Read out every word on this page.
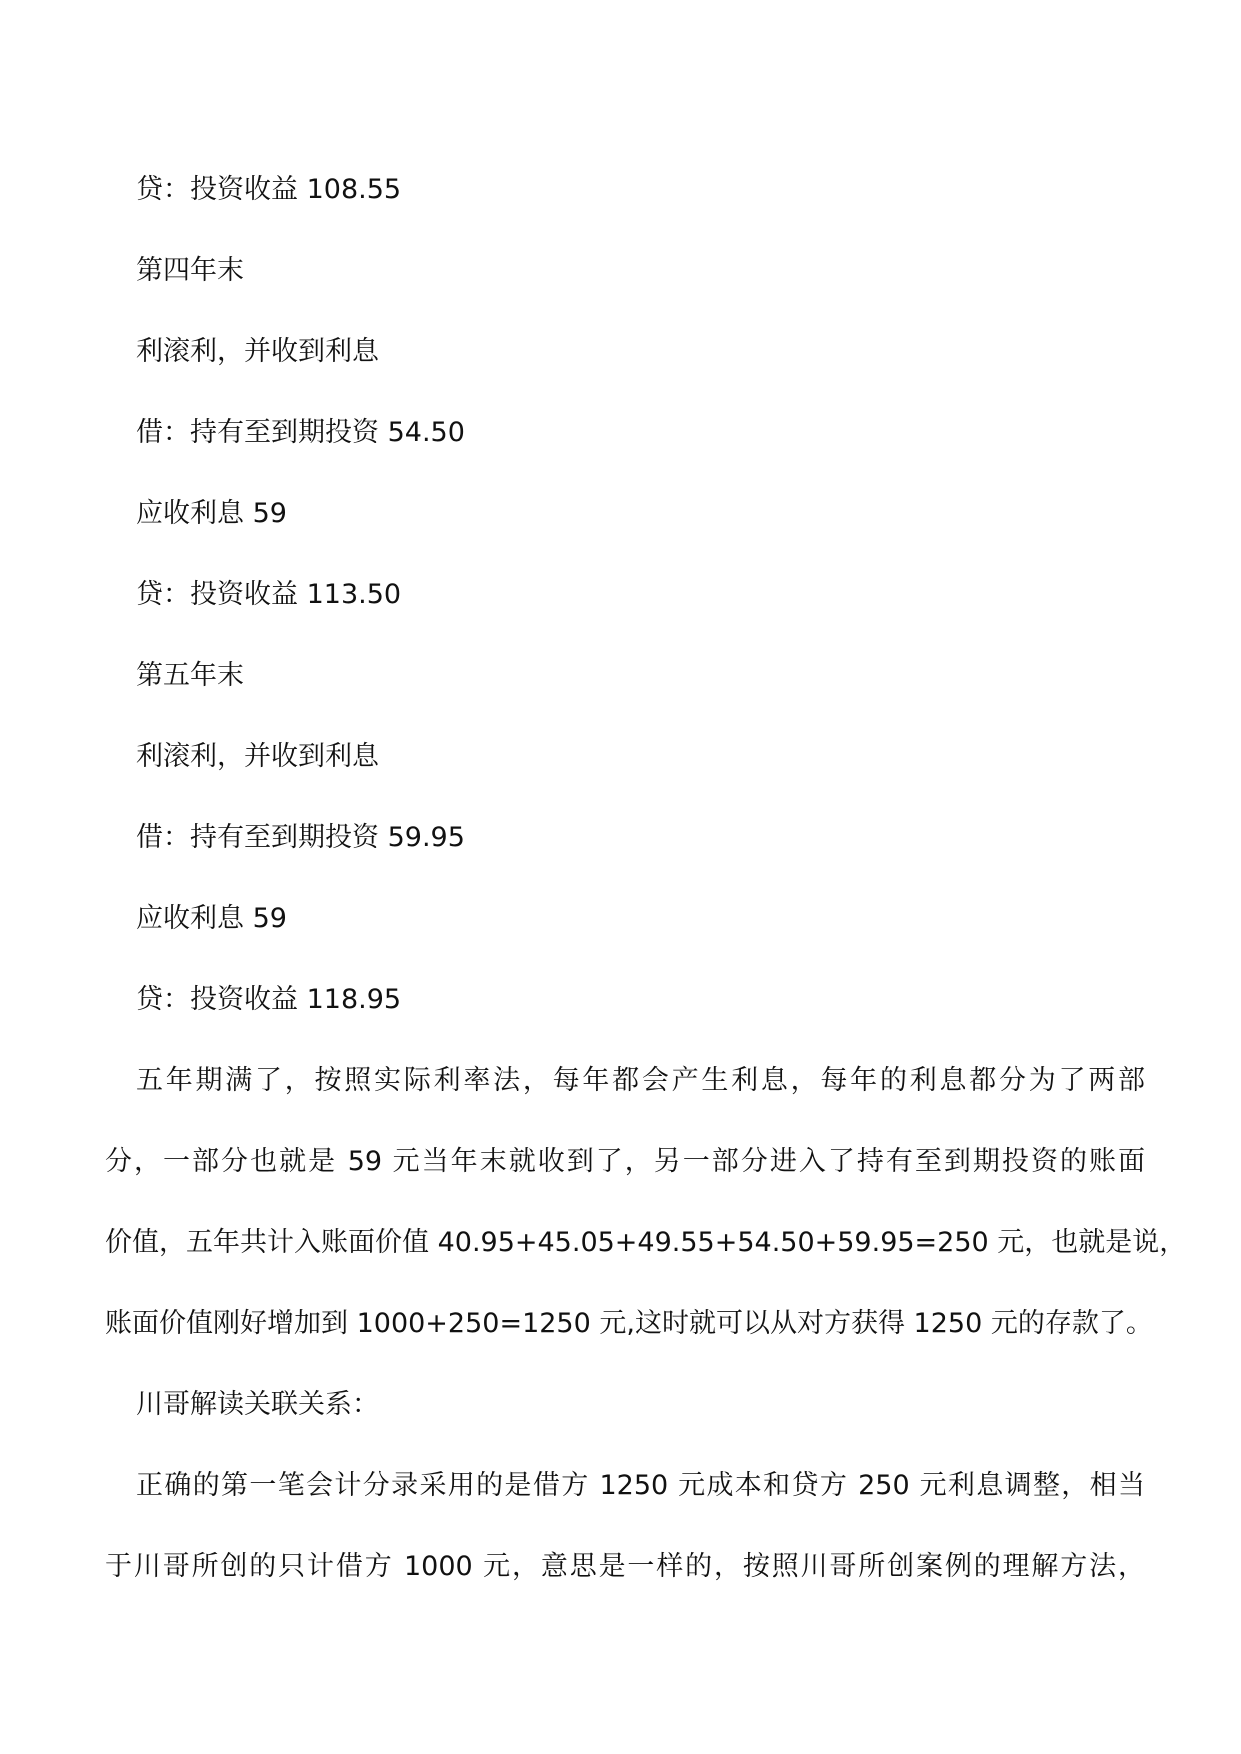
贷：投资收益 108.55
第四年末
利滚利，并收到利息
借：持有至到期投资 54.50
应收利息 59
贷：投资收益 113.50
第五年末
利滚利，并收到利息
借：持有至到期投资 59.95
应收利息 59
贷：投资收益 118.95
五年期满了，按照实际利率法，每年都会产生利息，每年的利息都分为了两部
分，一部分也就是 59 元当年末就收到了，另一部分进入了持有至到期投资的账面
价值，五年共计入账面价值 40.95+45.05+49.55+54.50+59.95=250 元，也就是说，
账面价值刚好增加到 1000+250=1250 元,这时就可以从对方获得 1250 元的存款了。
川哥解读关联关系：
正确的第一笔会计分录采用的是借方 1250 元成本和贷方 250 元利息调整，相当
于川哥所创的只计借方 1000 元，意思是一样的，按照川哥所创案例的理解方法，
